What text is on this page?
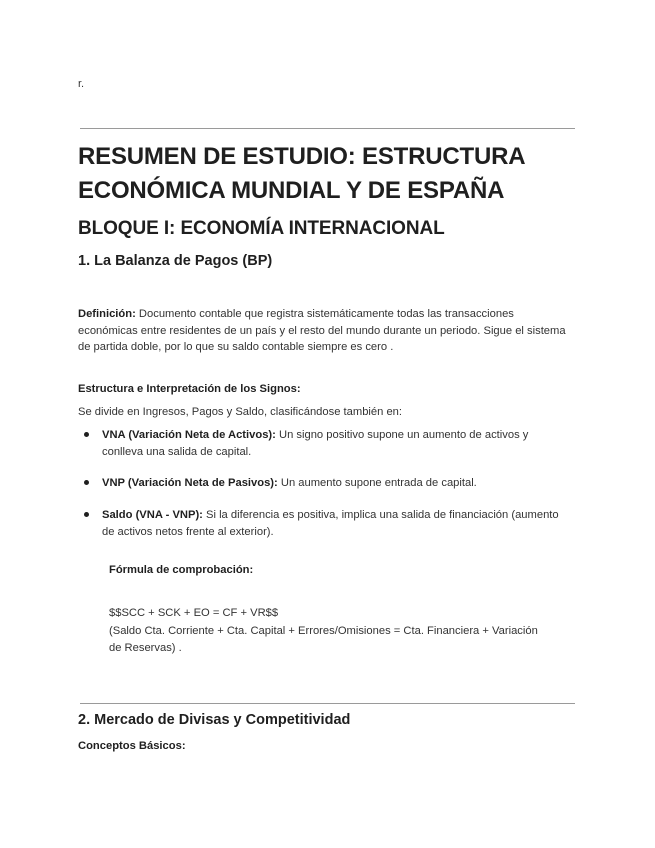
r.
RESUMEN DE ESTUDIO: ESTRUCTURA ECONÓMICA MUNDIAL Y DE ESPAÑA
BLOQUE I: ECONOMÍA INTERNACIONAL
1. La Balanza de Pagos (BP)
Definición: Documento contable que registra sistemáticamente todas las transacciones económicas entre residentes de un país y el resto del mundo durante un periodo. Sigue el sistema de partida doble, por lo que su saldo contable siempre es cero .
Estructura e Interpretación de los Signos:
Se divide en Ingresos, Pagos y Saldo, clasificándose también en:
VNA (Variación Neta de Activos): Un signo positivo supone un aumento de activos y conlleva una salida de capital.
VNP (Variación Neta de Pasivos): Un aumento supone entrada de capital.
Saldo (VNA - VNP): Si la diferencia es positiva, implica una salida de financiación (aumento de activos netos frente al exterior).
Fórmula de comprobación:
$$SCC + SCK + EO = CF + VR$$
(Saldo Cta. Corriente + Cta. Capital + Errores/Omisiones = Cta. Financiera + Variación de Reservas) .
2. Mercado de Divisas y Competitividad
Conceptos Básicos:
